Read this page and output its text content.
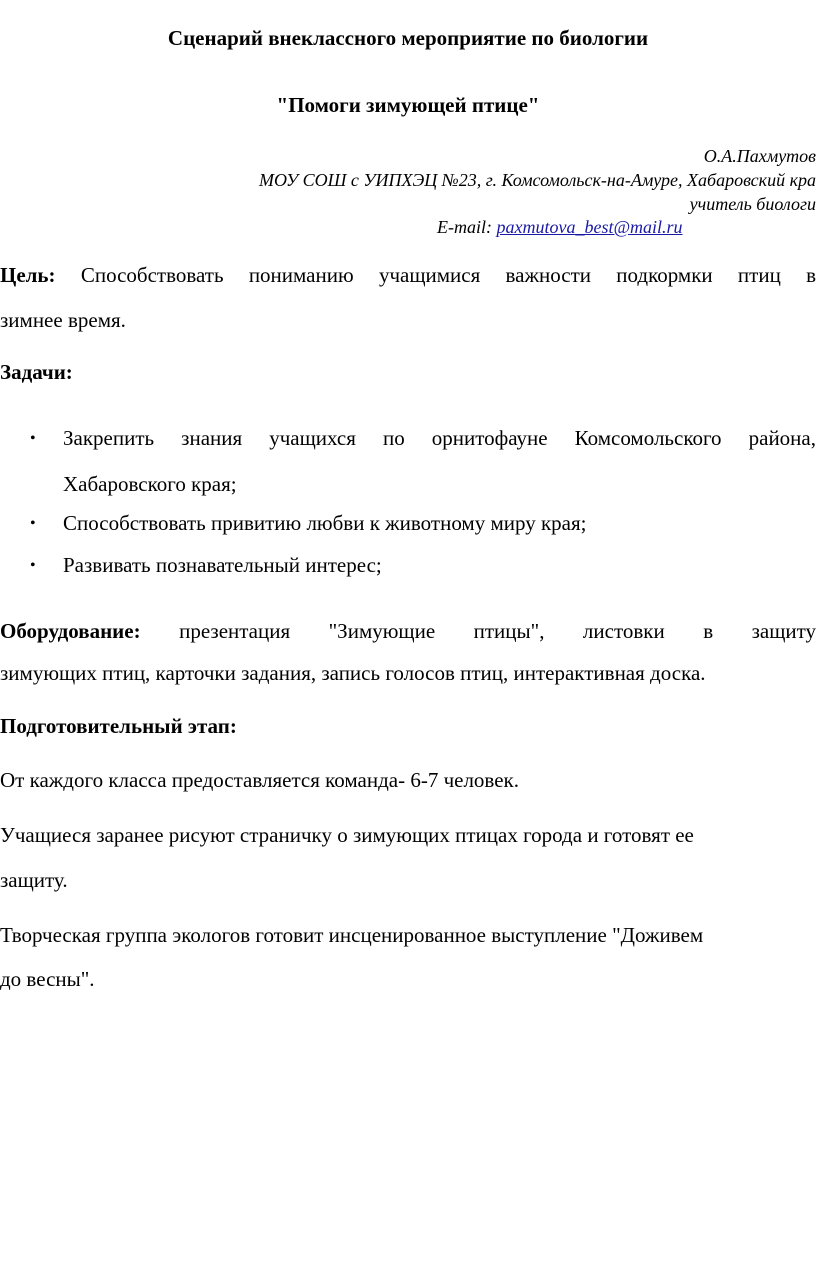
Сценарий внеклассного мероприятие по биологии
"Помоги зимующей птице"
О.А.Пахмутов
МОУ СОШ с УИПХЭЦ №23, г. Комсомольск-на-Амуре, Хабаровский кра
учитель биологи
E-mail: paxmutova_best@mail.ru
Цель: Способствовать пониманию учащимися важности подкормки птиц в
зимнее время.
Задачи:
• Закрепить знания учащихся по орнитофауне Комсомольского района,
Хабаровского края;
• Способствовать привитию любви к животному миру края;
• Развивать познавательный интерес;
Оборудование: презентация "Зимующие птицы", листовки в защиту
зимующих птиц, карточки задания, запись голосов птиц, интерактивная доска.
Подготовительный этап:
От каждого класса предоставляется команда- 6-7 человек.
Учащиеся заранее рисуют страничку о зимующих птицах города и готовят ее
защиту.
Творческая группа экологов готовит инсценированное выступление "Доживем
до весны".
